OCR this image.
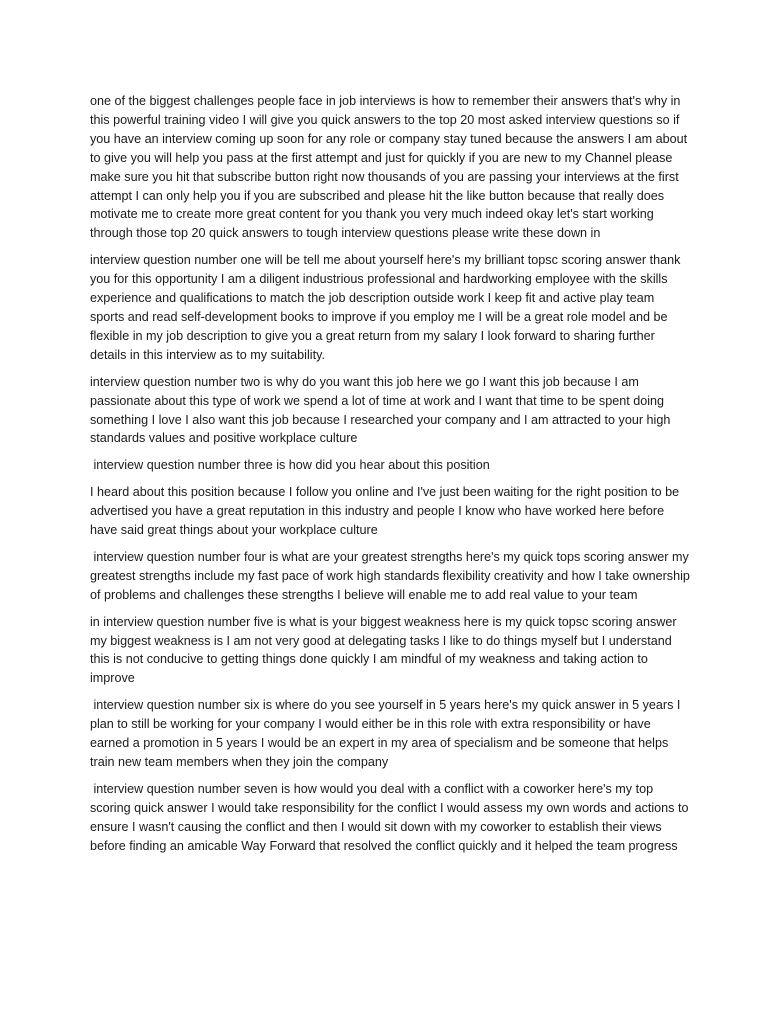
one of the biggest challenges people face in job interviews is how to remember their answers that's why in this powerful training video I will give you quick answers to the top 20 most asked interview questions so if you have an interview coming up soon for any role or company stay tuned because the answers I am about to give you will help you pass at the first attempt and just for quickly if you are new to my Channel please make sure you hit that subscribe button right now thousands of you are passing your interviews at the first attempt I can only help you if you are subscribed and please hit the like button because that really does motivate me to create more great content for you thank you very much indeed okay let's start working through those top 20 quick answers to tough interview questions please write these down in

interview question number one will be tell me about yourself here's my brilliant topsc scoring answer thank you for this opportunity I am a diligent industrious professional and hardworking employee with the skills experience and qualifications to match the job description outside work I keep fit and active play team sports and read self-development books to improve if you employ me I will be a great role model and be flexible in my job description to give you a great return from my salary I look forward to sharing further details in this interview as to my suitability.

interview question number two is why do you want this job here we go I want this job because I am passionate about this type of work we spend a lot of time at work and I want that time to be spent doing something I love I also want this job because I researched your company and I am attracted to your high standards values and positive workplace culture

interview question number three is how did you hear about this position

I heard about this position because I follow you online and I've just been waiting for the right position to be advertised you have a great reputation in this industry and people I know who have worked here before have said great things about your workplace culture

interview question number four is what are your greatest strengths here's my quick tops scoring answer my greatest strengths include my fast pace of work high standards flexibility creativity and how I take ownership of problems and challenges these strengths I believe will enable me to add real value to your team

in interview question number five is what is your biggest weakness here is my quick topsc scoring answer my biggest weakness is I am not very good at delegating tasks I like to do things myself but I understand this is not conducive to getting things done quickly I am mindful of my weakness and taking action to improve

interview question number six is where do you see yourself in 5 years here's my quick answer in 5 years I plan to still be working for your company I would either be in this role with extra responsibility or have earned a promotion in 5 years I would be an expert in my area of specialism and be someone that helps train new team members when they join the company

interview question number seven is how would you deal with a conflict with a coworker here's my top scoring quick answer I would take responsibility for the conflict I would assess my own words and actions to ensure I wasn't causing the conflict and then I would sit down with my coworker to establish their views before finding an amicable Way Forward that resolved the conflict quickly and it helped the team progress
